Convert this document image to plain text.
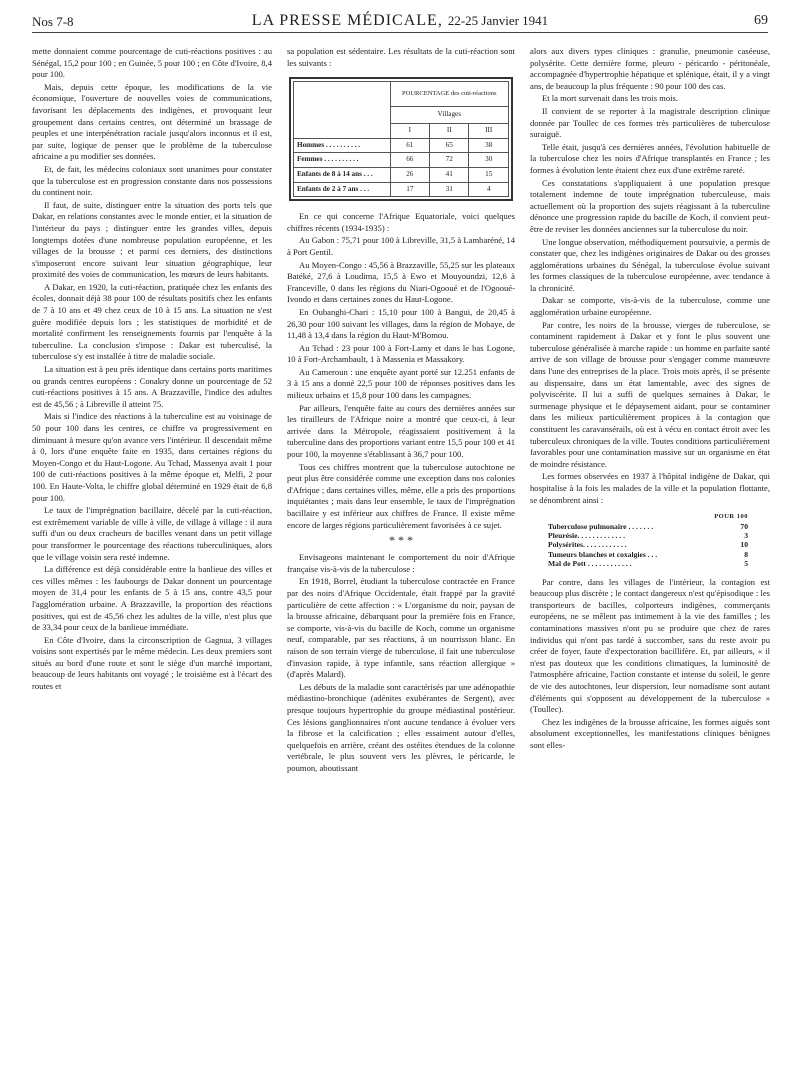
Nos 7-8	LA PRESSE MÉDICALE, 22-25 Janvier 1941	69

mette donnaient comme pourcentage de cuti-réactions positives : au Sénégal, 15,2 pour 100 ; en Guinée, 5 pour 100 ; en Côte d'Ivoire, 8,4 pour 100.

Mais, depuis cette époque, les modifications de la vie économique, l'ouverture de nouvelles voies de communications, favorisant les déplacements des indigènes, et provoquant leur groupement dans certains centres, ont déterminé un brassage de peuples et une interpénétration raciale jusqu'alors inconnus et il est, par suite, logique de penser que le problème de la tuberculose africaine a pu modifier ses données.

Et, de fait, les médecins coloniaux sont unanimes pour constater que la tuberculose est en progression constante dans nos possessions du continent noir.

Il faut, de suite, distinguer entre la situation des ports tels que Dakar, en relations constantes avec le monde entier, et la situation de l'intérieur du pays ; distinguer entre les grandes villes, depuis longtemps dotées d'une nombreuse population européenne, et les villages de la brousse ; et parmi ces derniers, des distinctions s'imposeront encore suivant leur situation géographique, leur proximité des voies de communication, les mœurs de leurs habitants.

A Dakar, en 1920, la cuti-réaction, pratiquée chez les enfants des écoles, donnait déjà 38 pour 100 de résultats positifs chez les enfants de 7 à 10 ans et 49 chez ceux de 10 à 15 ans. La situation ne s'est guère modifiée depuis lors ; les statistiques de morbidité et de mortalité confirment les renseignements fournis par l'enquête à la tuberculine. La conclusion s'impose : Dakar est tuberculisé, la tuberculose s'y est installée à titre de maladie sociale.

La situation est à peu près identique dans certains ports maritimes ou grands centres européens : Conakry donne un pourcentage de 52 cuti-réactions positives à 15 ans. A Brazzaville, l'indice des adultes est de 45,56 ; à Libreville il atteint 75.

Mais si l'indice des réactions à la tuberculine est au voisinage de 50 pour 100 dans les centres, ce chiffre va progressivement en diminuant à mesure qu'on avance vers l'intérieur. Il descendait même à 0, lors d'une enquête faite en 1935, dans certaines régions du Moyen-Congo et du Haut-Logone. Au Tchad, Massenya avait 1 pour 100 de cuti-réactions positives à la même époque et, Melfi, 2 pour 100. En Haute-Volta, le chiffre global déterminé en 1929 était de 6,8 pour 100.

Le taux de l'imprégnation bacillaire, décelé par la cuti-réaction, est extrêmement variable de ville à ville, de village à village : il aura suffi d'un ou deux cracheurs de bacilles venant dans un petit village pour transformer le pourcentage des réactions tuberculiniques, alors que le village voisin sera resté indemne.

La différence est déjà considérable entre la banlieue des villes et ces villes mêmes : les faubourgs de Dakar donnent un pourcentage moyen de 31,4 pour les enfants de 5 à 15 ans, contre 43,5 pour l'agglomération urbaine. A Brazzaville, la proportion des réactions positives, qui est de 45,56 chez les adultes de la ville, n'est plus que de 33,34 pour ceux de la banlieue immédiate.

En Côte d'Ivoire, dans la circonscription de Gagnua, 3 villages voisins sont expertisés par le même médecin. Les deux premiers sont situés au bord d'une route et sont le siège d'un marché important, beaucoup de leurs habitants ont voyagé ; le troisième est à l'écart des routes et

sa population est sédentaire. Les résultats de la cuti-réaction sont les suivants :

	POURCENTAGE des cuti-réactions		
	Villages		
	I	II	III
Hommes . . . . . . . . . .	61	65	38
Femmes . . . . . . . . . .	66	72	30
Enfants de 8 à 14 ans . . .	26	41	15
Enfants de 2 à 7 ans . . .	17	31	4

En ce qui concerne l'Afrique Equatoriale, voici quelques chiffres récents (1934-1935) :

Au Gabon : 75,71 pour 100 à Libreville, 31,5 à Lambaréné, 14 à Port Gentil.

Au Moyen-Congo : 45,56 à Brazzaville, 55,25 sur les plateaux Batéké, 27,6 à Loudima, 15,5 à Ewo et Mouyoundzi, 12,6 à Franceville, 0 dans les régions du Niari-Ogooué et de l'Ogooué-Ivondo et dans certaines zones du Haut-Logone.

En Oubanghi-Chari : 15,10 pour 100 à Bangui, de 20,45 à 26,30 pour 100 suivant les villages, dans la région de Mobaye, de 11,48 à 13,4 dans la région du Haut-M'Bomou.

Au Tchad : 23 pour 100 à Fort-Lamy et dans le bas Logone, 10 à Fort-Archambault, 1 à Massenia et Massakory.

Au Cameroun : une enquête ayant porté sur 12.251 enfants de 3 à 15 ans a donné 22,5 pour 100 de réponses positives dans les milieux urbains et 15,8 pour 100 dans les campagnes.

Par ailleurs, l'enquête faite au cours des dernières années sur les tirailleurs de l'Afrique noire a montré que ceux-ci, à leur arrivée dans la Métropole, réagissaient positivement à la tuberculine dans des proportions variant entre 15,5 pour 100 et 41 pour 100, la moyenne s'établissant à 36,7 pour 100.

Tous ces chiffres montrent que la tuberculose autochtone ne peut plus être considérée comme une exception dans nos colonies d'Afrique ; dans certaines villes, même, elle a pris des proportions inquiétantes ; mais dans leur ensemble, le taux de l'imprégnation bacillaire y est inférieur aux chiffres de France. Il existe même encore de larges régions particulièrement favorisées à ce sujet.

* * *

Envisageons maintenant le comportement du noir d'Afrique française vis-à-vis de la tuberculose :

En 1918, Borrel, étudiant la tuberculose contractée en France par des noirs d'Afrique Occidentale, était frappé par la gravité particulière de cette affection : « L'organisme du noir, paysan de la brousse africaine, débarquant pour la première fois en France, se comporte, vis-à-vis du bacille de Koch, comme un organisme neuf, comparable, par ses réactions, à un nourrisson blanc. En raison de son terrain vierge de tuberculose, il fait une tuberculose d'invasion rapide, à type infantile, sans réaction allergique » (d'après Malard).

Les débuts de la maladie sont caractérisés par une adénopathie médiastino-bronchique (adénites exubérantes de Sergent), avec presque toujours hypertrophie du groupe médiastinal postérieur. Ces lésions ganglionnaires n'ont aucune tendance à évoluer vers la fibrose et la calcification ; elles essaiment autour d'elles, quelquefois en arrière, créant des ostéites étendues de la colonne vertébrale, le plus souvent vers les plèvres, le péricarde, le poumon, aboutissant

alors aux divers types cliniques : granulie, pneumonie caséeuse, polysérite. Cette dernière forme, pleuro - péricardo - péritonéale, accompagnée d'hypertrophie hépatique et splénique, était, il y a vingt ans, de beaucoup la plus fréquente : 90 pour 100 des cas.

Et la mort survenait dans les trois mois.

Il convient de se reporter à la magistrale description clinique donnée par Toullec de ces formes très particulières de tuberculose suraiguë.

Telle était, jusqu'à ces dernières années, l'évolution habituelle de la tuberculose chez les noirs d'Afrique transplantés en France ; les formes à évolution lente étaient chez eux d'une extrême rareté.

Ces constatations s'appliquaient à une population presque totalement indemne de toute imprégnation tuberculeuse, mais actuellement où la proportion des sujets réagissant à la tuberculine dénonce une progression rapide du bacille de Koch, il convient peut-être de reviser les données anciennes sur la tuberculose du noir.

Une longue observation, méthodiquement poursuivie, a permis de constater que, chez les indigènes originaires de Dakar ou des grosses agglomérations urbaines du Sénégal, la tuberculose évolue suivant les formes classiques de la tuberculose européenne, avec tendance à la chronicité.

Dakar se comporte, vis-à-vis de la tuberculose, comme une agglomération urbaine européenne.

Par contre, les noirs de la brousse, vierges de tuberculose, se contaminent rapidement à Dakar et y font le plus souvent une tuberculose généralisée à marche rapide : un homme en parfaite santé arrive de son village de brousse pour s'engager comme manœuvre dans l'une des entreprises de la place. Trois mois après, il se présente au dispensaire, dans un état lamentable, avec des signes de polyviscérite. Il lui a suffi de quelques semaines à Dakar, le surmenage physique et le dépaysement aidant, pour se contaminer dans les milieux particulièrement propices à la contagion que constituent les caravansérails, où est à vécu en contact étroit avec les tuberculeux chroniques de la ville. Toutes conditions particulièrement favorables pour une contamination massive sur un organisme en état de moindre résistance.

Les formes observées en 1937 à l'hôpital indigène de Dakar, qui hospitalise à la fois les malades de la ville et la population flottante, se dénombrent ainsi :

POUR 100
Tuberculose pulmonaire . . . . . . .	70
Pleurésie. . . . . . . . . . . . .	3
Polysérites. . . . . . . . . . . .	10
Tumeurs blanches et coxalgies . . .	8
Mal de Pott . . . . . . . . . . . .	5

Par contre, dans les villages de l'intérieur, la contagion est beaucoup plus discrète ; le contact dangereux n'est qu'épisodique : les transporteurs de bacilles, colporteurs indigènes, commerçants européens, ne se mêlent pas intimement à la vie des familles ; les contaminations massives n'ont pu se produire que chez de rares individus qui n'ont pas tardé à succomber, sans du reste avoir pu créer de foyer, faute d'expectoration bacillifère. Et, par ailleurs, « il n'est pas douteux que les conditions climatiques, la luminosité de l'atmosphère africaine, l'action constante et intense du soleil, le genre de vie des autochtones, leur dispersion, leur nomadisme sont autant d'éléments qui s'opposent au développement de la tuberculose » (Toullec).

Chez les indigènes de la brousse africaine, les formes aiguës sont absolument exceptionnelles, les manifestations cliniques bénignes sont elles-
